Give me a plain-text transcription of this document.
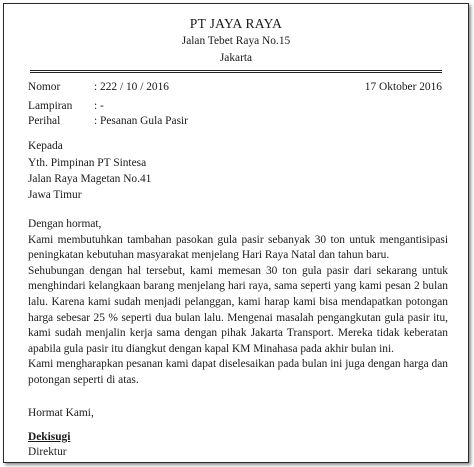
PT JAYA RAYA
Jalan Tebet Raya No.15
Jakarta
Nomor	: 222 / 10 / 2016	17 Oktober 2016
Lampiran : -
Perihal	: Pesanan Gula Pasir
Kepada
Yth. Pimpinan PT Sintesa
Jalan Raya Magetan No.41
Jawa Timur

Dengan hormat,

Kami membutuhkan tambahan pasokan gula pasir sebanyak 30 ton untuk mengantisipasi peningkatan kebutuhan masyarakat menjelang Hari Raya Natal dan tahun baru.

Sehubungan dengan hal tersebut, kami memesan 30 ton gula pasir dari sekarang untuk menghindari kelangkaan barang menjelang hari raya, sama seperti yang kami pesan 2 bulan lalu. Karena kami sudah menjadi pelanggan, kami harap kami bisa mendapatkan potongan harga sebesar 25 % seperti dua bulan lalu. Mengenai masalah pengangkutan gula pasir itu, kami sudah menjalin kerja sama dengan pihak Jakarta Transport. Mereka tidak keberatan apabila gula pasir itu diangkut dengan kapal KM Minahasa pada akhir bulan ini.

Kami mengharapkan pesanan kami dapat diselesaikan pada bulan ini juga dengan harga dan potongan seperti di atas.

Hormat Kami,
Dekisugi
Direktur
